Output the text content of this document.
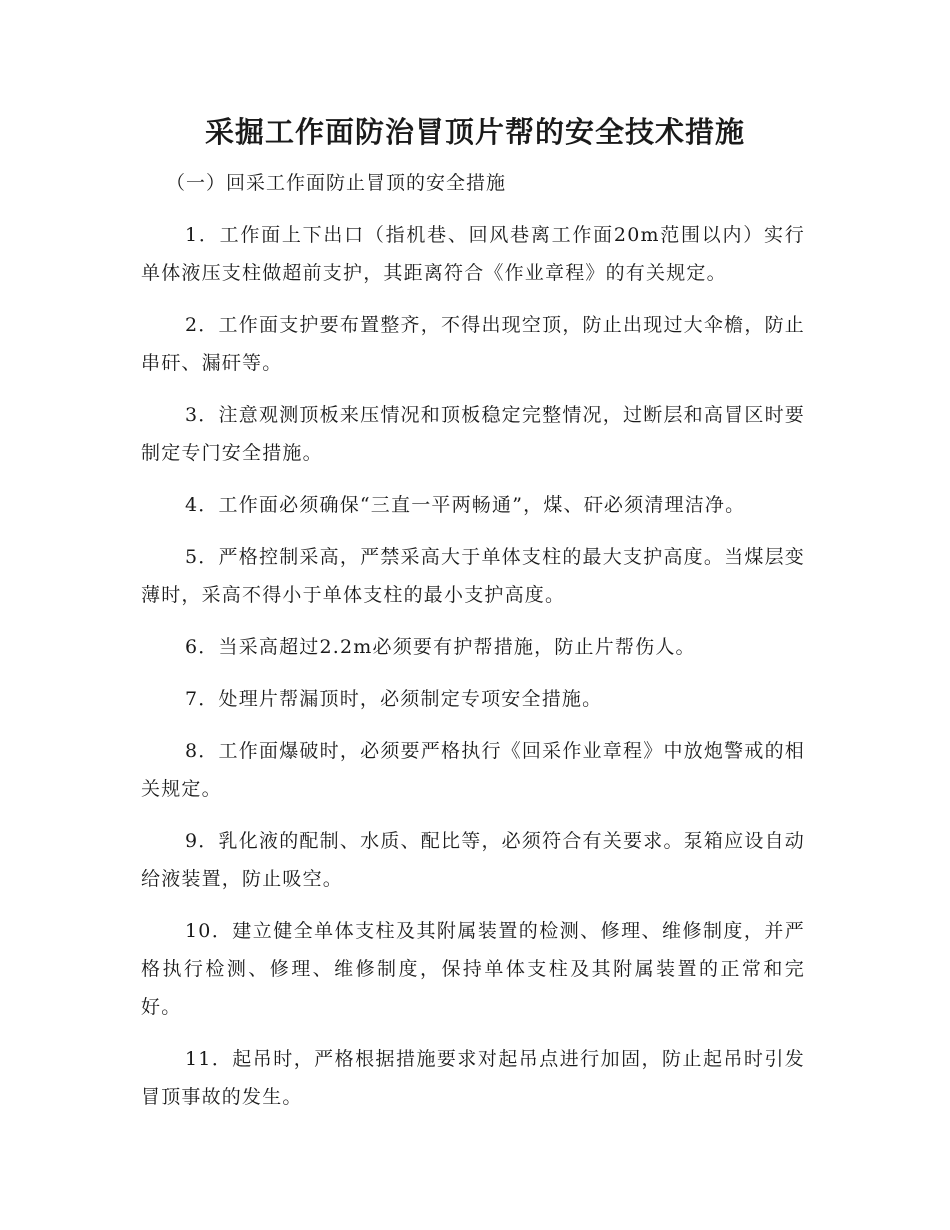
采掘工作面防治冒顶片帮的安全技术措施

（一）回采工作面防止冒顶的安全措施

1．工作面上下出口（指机巷、回风巷离工作面20m范围以内）实行单体液压支柱做超前支护，其距离符合《作业章程》的有关规定。

2．工作面支护要布置整齐，不得出现空顶，防止出现过大伞檐，防止串矸、漏矸等。

3．注意观测顶板来压情况和顶板稳定完整情况，过断层和高冒区时要制定专门安全措施。

4．工作面必须确保“三直一平两畅通”，煤、矸必须清理洁净。

5．严格控制采高，严禁采高大于单体支柱的最大支护高度。当煤层变薄时，采高不得小于单体支柱的最小支护高度。

6．当采高超过2.2m必须要有护帮措施，防止片帮伤人。

7．处理片帮漏顶时，必须制定专项安全措施。

8．工作面爆破时，必须要严格执行《回采作业章程》中放炮警戒的相关规定。

9．乳化液的配制、水质、配比等，必须符合有关要求。泵箱应设自动给液装置，防止吸空。

10．建立健全单体支柱及其附属装置的检测、修理、维修制度，并严格执行检测、修理、维修制度，保持单体支柱及其附属装置的正常和完好。

11．起吊时，严格根据措施要求对起吊点进行加固，防止起吊时引发冒顶事故的发生。
